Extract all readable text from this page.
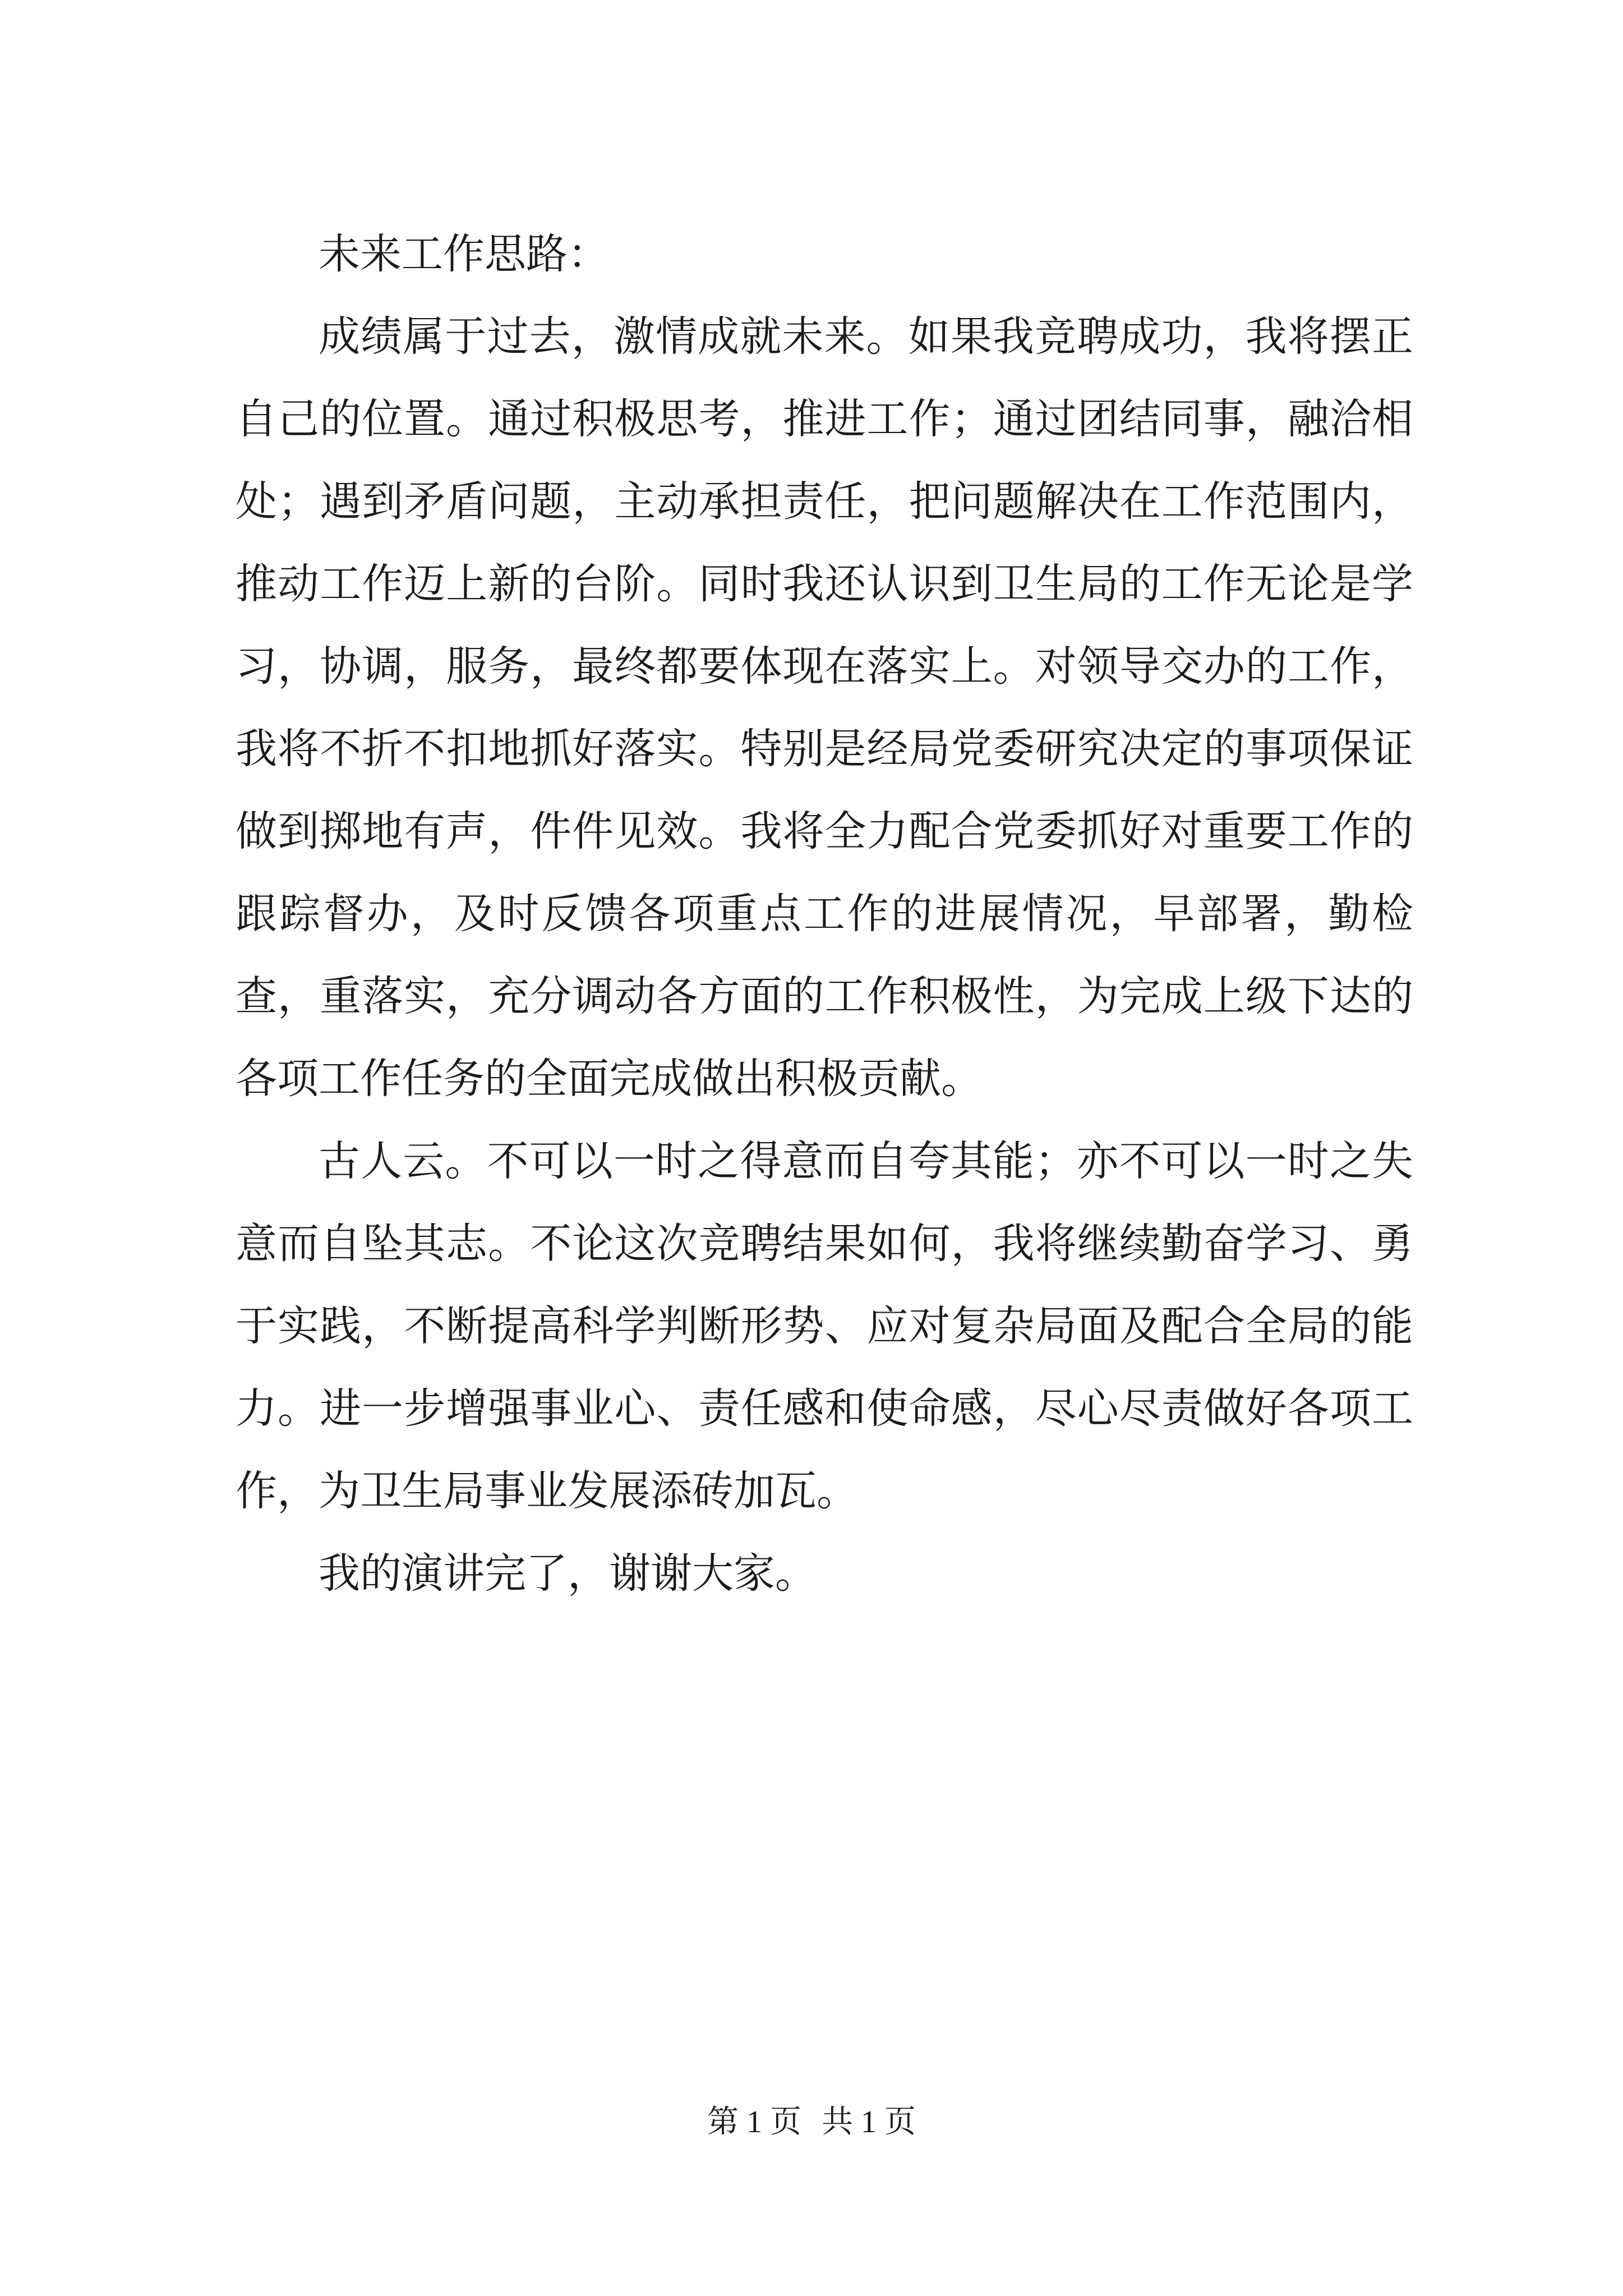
未来工作思路：

成绩属于过去，激情成就未来。如果我竞聘成功，我将摆正自己的位置。通过积极思考，推进工作；通过团结同事，融洽相处；遇到矛盾问题，主动承担责任，把问题解决在工作范围内，推动工作迈上新的台阶。同时我还认识到卫生局的工作无论是学习，协调，服务，最终都要体现在落实上。对领导交办的工作，我将不折不扣地抓好落实。特别是经局党委研究决定的事项保证做到掷地有声，件件见效。我将全力配合党委抓好对重要工作的跟踪督办，及时反馈各项重点工作的进展情况，早部署，勤检查，重落实，充分调动各方面的工作积极性，为完成上级下达的各项工作任务的全面完成做出积极贡献。

古人云。不可以一时之得意而自夸其能；亦不可以一时之失意而自坠其志。不论这次竞聘结果如何，我将继续勤奋学习、勇于实践，不断提高科学判断形势、应对复杂局面及配合全局的能力。进一步增强事业心、责任感和使命感，尽心尽责做好各项工作，为卫生局事业发展添砖加瓦。

我的演讲完了，谢谢大家。

第 1 页 共 1 页
